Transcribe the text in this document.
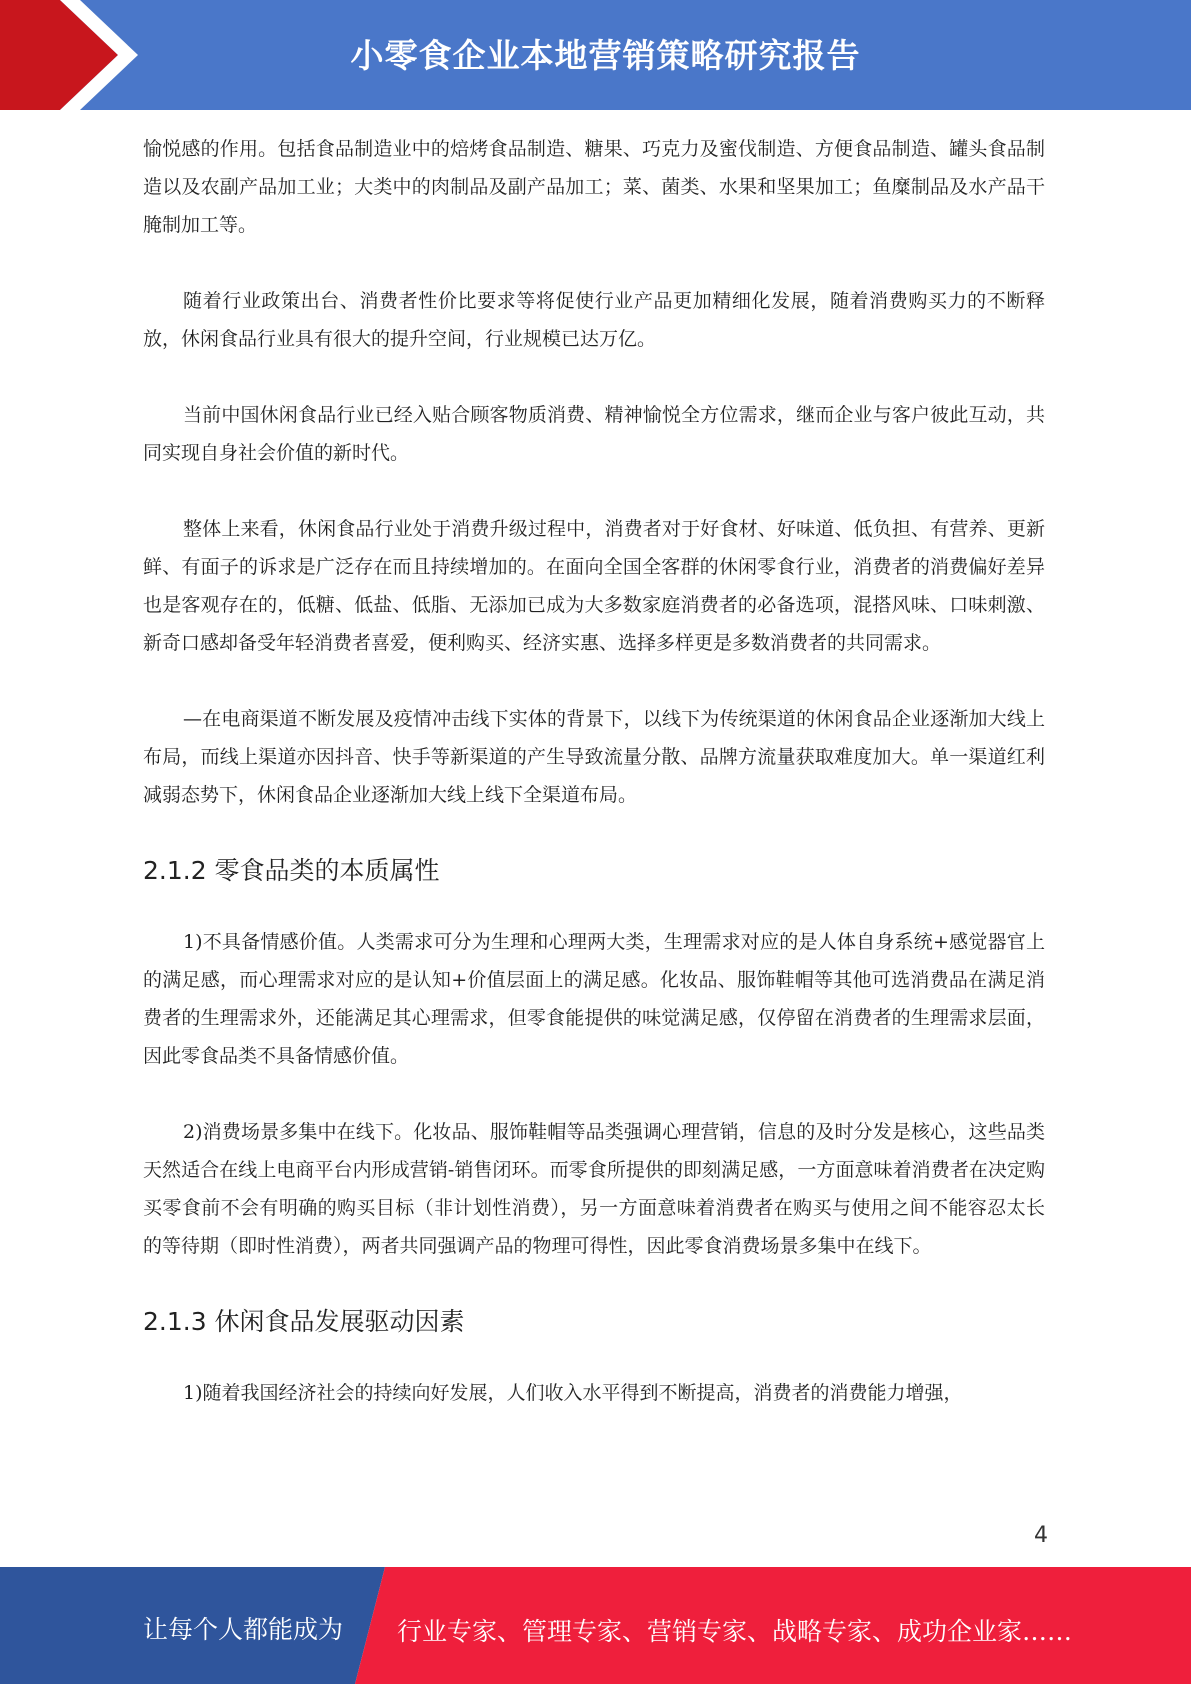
小零食企业本地营销策略研究报告

愉悦感的作用。包括食品制造业中的焙烤食品制造、糖果、巧克力及蜜伐制造、方便食品制造、罐头食品制造以及农副产品加工业；大类中的肉制品及副产品加工；菜、菌类、水果和坚果加工；鱼糜制品及水产品干腌制加工等。

随着行业政策出台、消费者性价比要求等将促使行业产品更加精细化发展，随着消费购买力的不断释放，休闲食品行业具有很大的提升空间，行业规模已达万亿。

当前中国休闲食品行业已经入贴合顾客物质消费、精神愉悦全方位需求，继而企业与客户彼此互动，共同实现自身社会价值的新时代。

整体上来看，休闲食品行业处于消费升级过程中，消费者对于好食材、好味道、低负担、有营养、更新鲜、有面子的诉求是广泛存在而且持续增加的。在面向全国全客群的休闲零食行业，消费者的消费偏好差异也是客观存在的，低糖、低盐、低脂、无添加已成为大多数家庭消费者的必备选项，混搭风味、口味刺激、新奇口感却备受年轻消费者喜爱，便利购买、经济实惠、选择多样更是多数消费者的共同需求。

—在电商渠道不断发展及疫情冲击线下实体的背景下，以线下为传统渠道的休闲食品企业逐渐加大线上布局，而线上渠道亦因抖音、快手等新渠道的产生导致流量分散、品牌方流量获取难度加大。单一渠道红利减弱态势下，休闲食品企业逐渐加大线上线下全渠道布局。

2.1.2 零食品类的本质属性

1)不具备情感价值。人类需求可分为生理和心理两大类，生理需求对应的是人体自身系统+感觉器官上的满足感，而心理需求对应的是认知+价值层面上的满足感。化妆品、服饰鞋帽等其他可选消费品在满足消费者的生理需求外，还能满足其心理需求，但零食能提供的味觉满足感，仅停留在消费者的生理需求层面，因此零食品类不具备情感价值。

2)消费场景多集中在线下。化妆品、服饰鞋帽等品类强调心理营销，信息的及时分发是核心，这些品类天然适合在线上电商平台内形成营销-销售闭环。而零食所提供的即刻满足感，一方面意味着消费者在决定购买零食前不会有明确的购买目标（非计划性消费），另一方面意味着消费者在购买与使用之间不能容忍太长的等待期（即时性消费），两者共同强调产品的物理可得性，因此零食消费场景多集中在线下。

2.1.3 休闲食品发展驱动因素

1)随着我国经济社会的持续向好发展，人们收入水平得到不断提高，消费者的消费能力增强，

4
让每个人都能成为 行业专家、管理专家、营销专家、战略专家、成功企业家……
